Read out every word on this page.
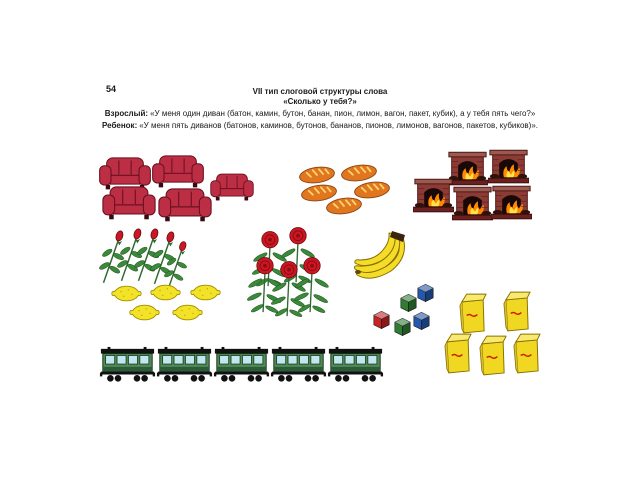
54	VII тип слоговой структуры слова
«Сколько у тебя?»
Взрослый: «У меня один диван (батон, камин, бутон, банан, пион, лимон, вагон, пакет, кубик), а у тебя пять чего?»
Ребенок: «У меня пять диванов (батонов, каминов, бутонов, бананов, пионов, лимонов, вагонов, пакетов, кубиков)».
